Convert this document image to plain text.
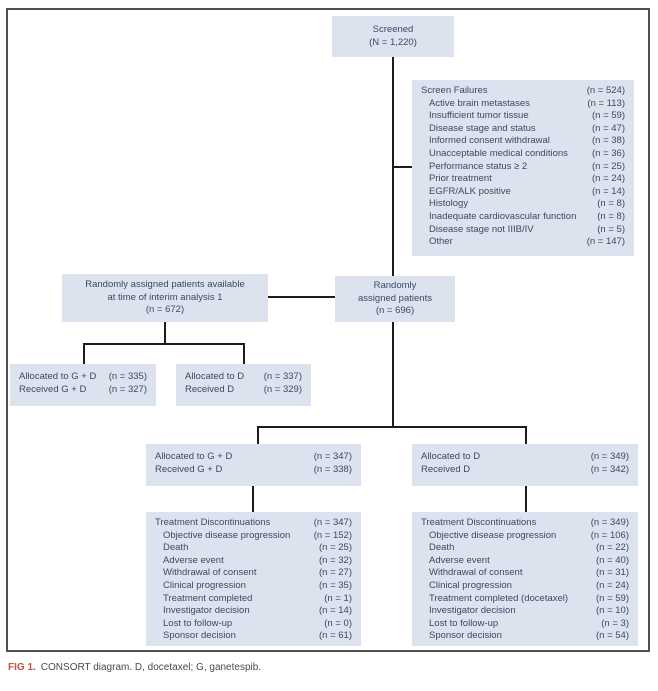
Screened
(N = 1,220)
Screen Failures	(n = 524)
Active brain metastases	(n = 113)
Insufficient tumor tissue	(n = 59)
Disease stage and status	(n = 47)
Informed consent withdrawal	(n = 38)
Unacceptable medical conditions	(n = 36)
Performance status ≥ 2	(n = 25)
Prior treatment	(n = 24)
EGFR/ALK positive	(n = 14)
Histology	(n = 8)
Inadequate cardiovascular function (n = 8)
Disease stage not IIIB/IV	(n = 5)
Other	(n = 147)
Randomly assigned patients available
at time of interim analysis 1
(n = 672)
Randomly
assigned patients
(n = 696)
Allocated to G + D (n = 335)
Received G + D (n = 327)
Allocated to D (n = 337)
Received D	(n = 329)
Allocated to G + D	(n = 347)
Received G + D	(n = 338)
Allocated to D	(n = 349)
Received D	(n = 342)
Treatment Discontinuations	(n = 347)
Objective disease progression (n = 152)
Death	(n = 25)
Adverse event	(n = 32)
Withdrawal of consent	(n = 27)
Clinical progression	(n = 35)
Treatment completed	(n = 1)
Investigator decision	(n = 14)
Lost to follow-up	(n = 0)
Sponsor decision	(n = 61)
Treatment Discontinuations	(n = 349)
Objective disease progression	(n = 106)
Death	(n = 22)
Adverse event	(n = 40)
Withdrawal of consent	(n = 31)
Clinical progression	(n = 24)
Treatment completed (docetaxel)	(n = 59)
Investigator decision	(n = 10)
Lost to follow-up	(n = 3)
Sponsor decision	(n = 54)
FIG 1. CONSORT diagram. D, docetaxel; G, ganetespib.
